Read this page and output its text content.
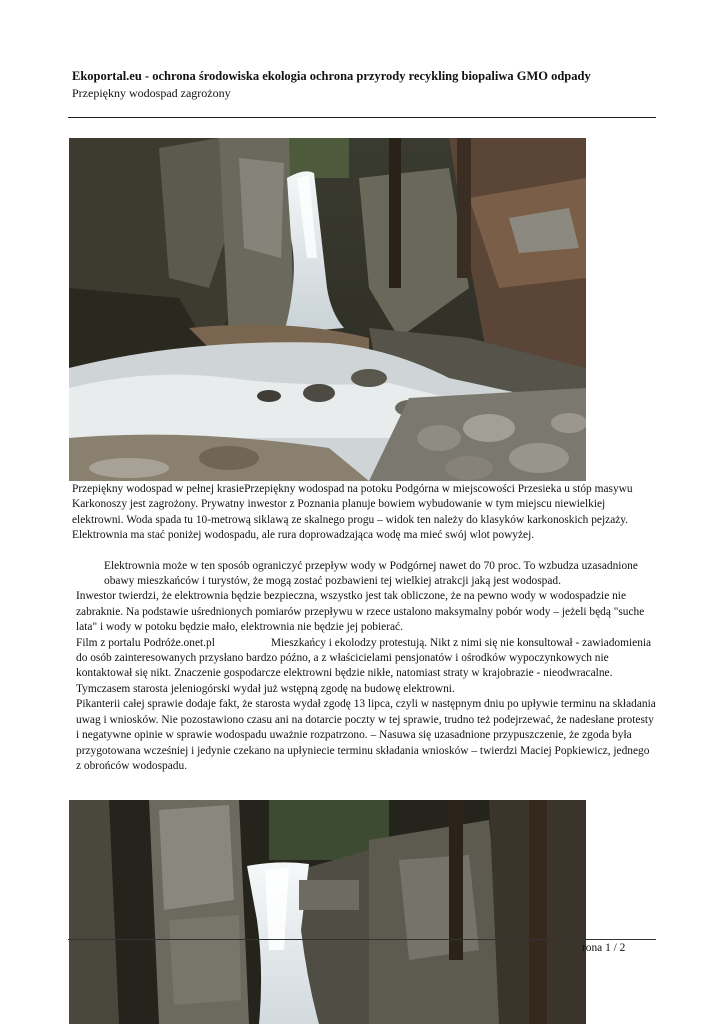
Ekoportal.eu - ochrona środowiska ekologia ochrona przyrody recykling biopaliwa GMO odpady
Przepiękny wodospad zagrożony

Przepiękny wodospad w pełnej krasiePrzepiękny wodospad na potoku Podgórna w miejscowości Przesieka u stóp masywu Karkonoszy jest zagrożony. Prywatny inwestor z Poznania planuje bowiem wybudowanie w tym miejscu niewielkiej elektrowni. Woda spada tu 10-metrową siklawą ze skalnego progu – widok ten należy do klasyków karkonoskich pejzaży. Elektrownia ma stać poniżej wodospadu, ale rura doprowadzająca wodę ma mieć swój wlot powyżej.

Elektrownia może w ten sposób ograniczyć przepływ wody w Podgórnej nawet do 70 proc. To wzbudza uzasadnione obawy mieszkańców i turystów, że mogą zostać pozbawieni tej wielkiej atrakcji jaką jest wodospad.

Inwestor twierdzi, że elektrownia będzie bezpieczna, wszystko jest tak obliczone, że na pewno wody w wodospadzie nie zabraknie. Na podstawie uśrednionych pomiarów przepływu w rzece ustalono maksymalny pobór wody – jeżeli będą "suche lata" i wody w potoku będzie mało, elektrownia nie będzie jej pobierać.

Film z portalu Podróże.onet.pl	Mieszkańcy i ekolodzy protestują. Nikt z nimi się nie konsultował - zawiadomienia do osób zainteresowanych przysłano bardzo późno, a z właścicielami pensjonatów i ośrodków wypoczynkowych nie kontaktował się nikt. Znaczenie gospodarcze elektrowni będzie nikłe, natomiast straty w krajobrazie - nieodwracalne. Tymczasem starosta jeleniogórski wydał już wstępną zgodę na budowę elektrowni.

Pikanterii całej sprawie dodaje fakt, że starosta wydał zgodę 13 lipca, czyli w następnym dniu po upływie terminu na składania uwag i wniosków. Nie pozostawiono czasu ani na dotarcie poczty w tej sprawie, trudno też podejrzewać, że nadesłane protesty i negatywne opinie w sprawie wodospadu uważnie rozpatrzono. – Nasuwa się uzasadnione przypuszczenie, że zgoda była przygotowana wcześniej i jedynie czekano na upłyniecie terminu składania wniosków – twierdzi Maciej Popkiewicz, jednego z obrońców wodospadu.

rona 1 / 2
